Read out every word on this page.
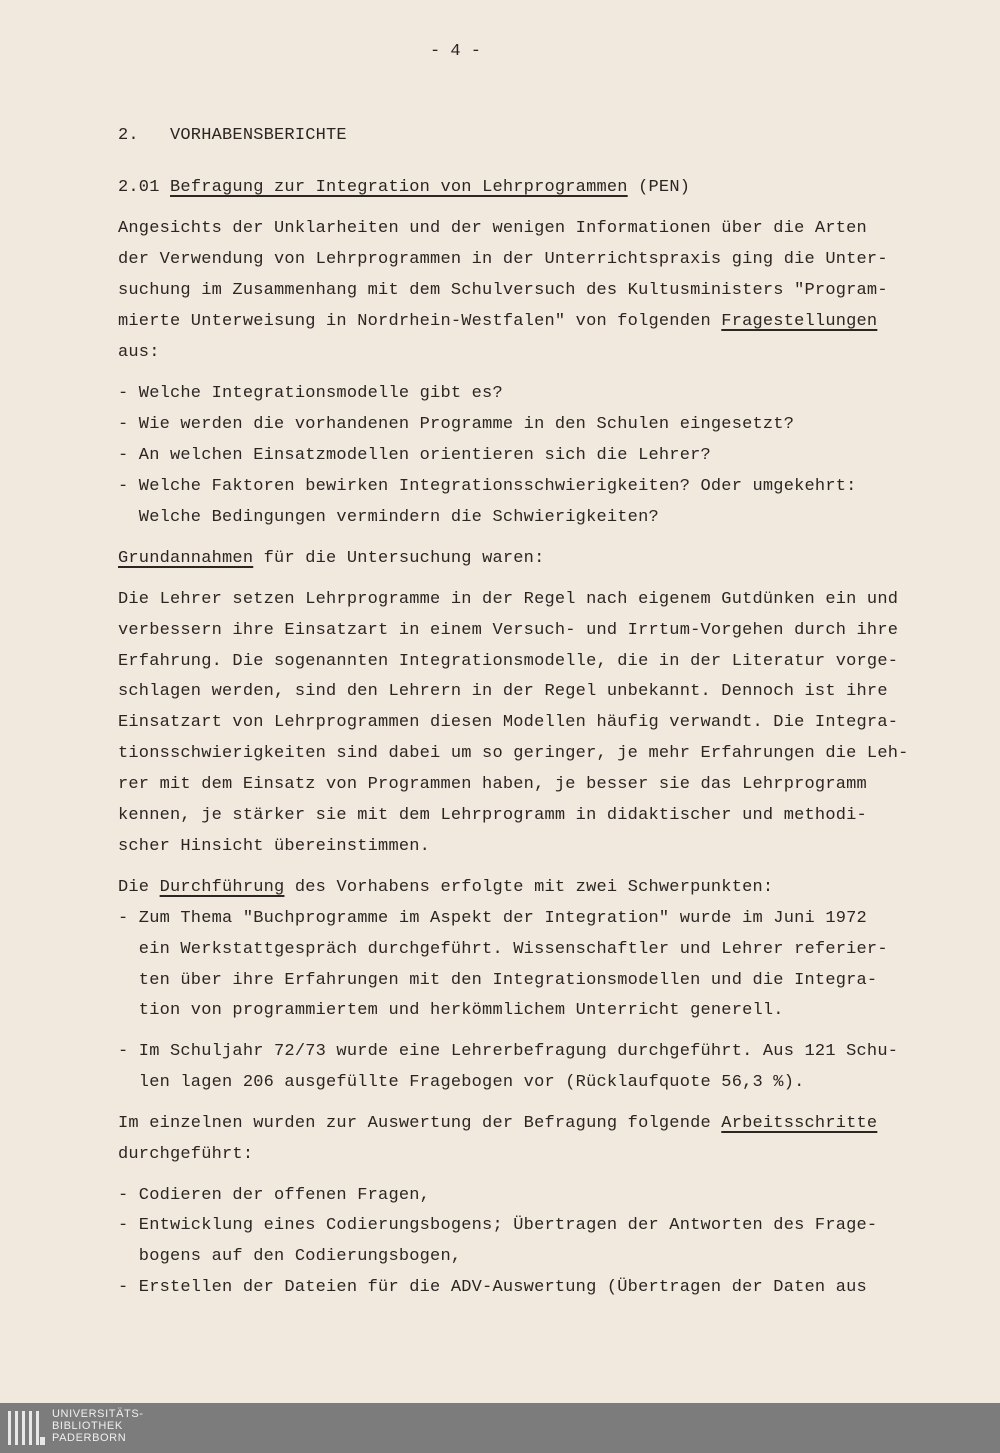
- 4 -
2.   VORHABENSBERICHTE
2.01 Befragung zur Integration von Lehrprogrammen (PEN)
Angesichts der Unklarheiten und der wenigen Informationen über die Arten
der Verwendung von Lehrprogrammen in der Unterrichtspraxis ging die Unter-
suchung im Zusammenhang mit dem Schulversuch des Kultusministers "Program-
mierte Unterweisung in Nordrhein-Westfalen" von folgenden Fragestellungen
aus:
- Welche Integrationsmodelle gibt es?
- Wie werden die vorhandenen Programme in den Schulen eingesetzt?
- An welchen Einsatzmodellen orientieren sich die Lehrer?
- Welche Faktoren bewirken Integrationsschwierigkeiten? Oder umgekehrt:
Welche Bedingungen vermindern die Schwierigkeiten?
Grundannahmen für die Untersuchung waren:
Die Lehrer setzen Lehrprogramme in der Regel nach eigenem Gutdünken ein und
verbessern ihre Einsatzart in einem Versuch- und Irrtum-Vorgehen durch ihre
Erfahrung. Die sogenannten Integrationsmodelle, die in der Literatur vorge-
schlagen werden, sind den Lehrern in der Regel unbekannt. Dennoch ist ihre
Einsatzart von Lehrprogrammen diesen Modellen häufig verwandt. Die Integra-
tionsschwierigkeiten sind dabei um so geringer, je mehr Erfahrungen die Leh-
rer mit dem Einsatz von Programmen haben, je besser sie das Lehrprogramm
kennen, je stärker sie mit dem Lehrprogramm in didaktischer und methodi-
scher Hinsicht übereinstimmen.
Die Durchführung des Vorhabens erfolgte mit zwei Schwerpunkten:
- Zum Thema "Buchprogramme im Aspekt der Integration" wurde im Juni 1972
ein Werkstattgespräch durchgeführt. Wissenschaftler und Lehrer referier-
ten über ihre Erfahrungen mit den Integrationsmodellen und die Integra-
tion von programmiertem und herkömmlichem Unterricht generell.
- Im Schuljahr 72/73 wurde eine Lehrerbefragung durchgeführt. Aus 121 Schu-
len lagen 206 ausgefüllte Fragebogen vor (Rücklaufquote 56,3 %).
Im einzelnen wurden zur Auswertung der Befragung folgende Arbeitsschritte
durchgeführt:
- Codieren der offenen Fragen,
- Entwicklung eines Codierungsbogens; Übertragen der Antworten des Frage-
bogens auf den Codierungsbogen,
- Erstellen der Dateien für die ADV-Auswertung (Übertragen der Daten aus
UNIVERSITÄTS-
BIBLIOTHEK
PADERBORN
